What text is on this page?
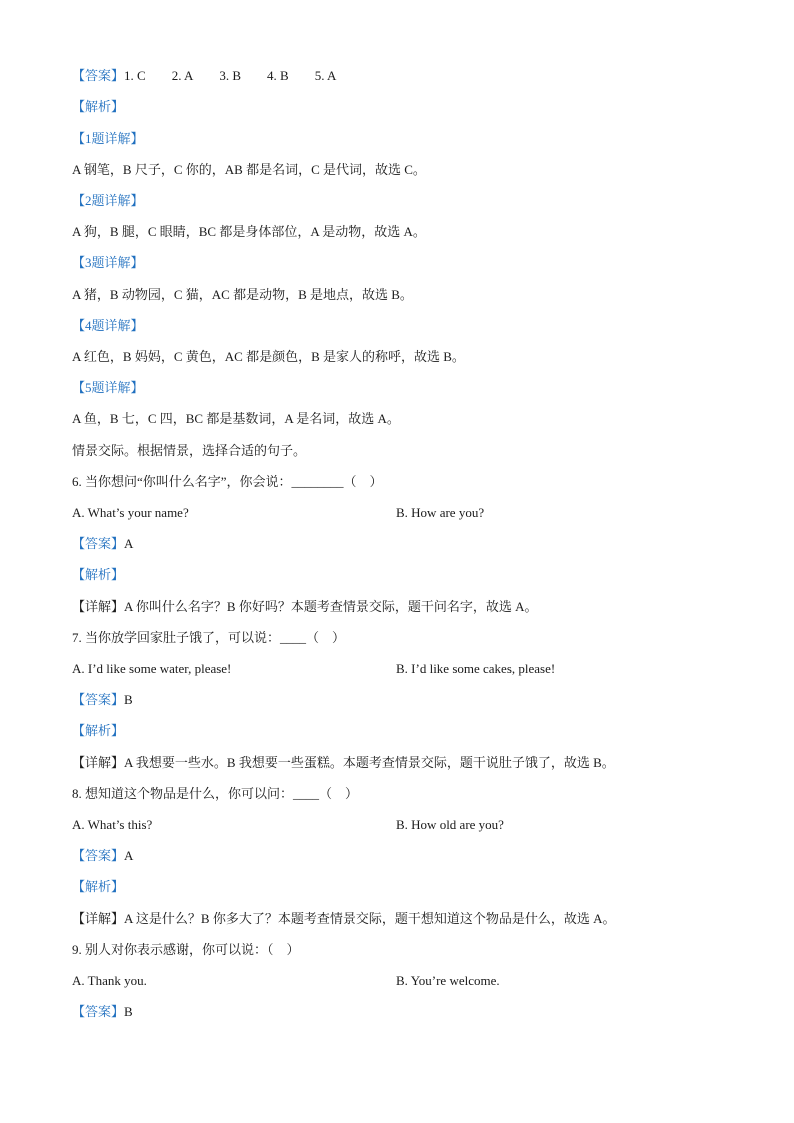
【答案】1. C 2. A 3. B 4. B 5. A
【解析】
【1题详解】
A 钢笔，B 尺子，C 你的，AB 都是名词，C 是代词，故选 C。
【2题详解】
A 狗，B 腿，C 眼睛，BC 都是身体部位，A 是动物，故选 A。
【3题详解】
A 猪，B 动物园，C 猫，AC 都是动物，B 是地点，故选 B。
【4题详解】
A 红色，B 妈妈，C 黄色，AC 都是颜色，B 是家人的称呼，故选 B。
【5题详解】
A 鱼，B 七，C 四，BC 都是基数词，A 是名词，故选 A。
情景交际。根据情景，选择合适的句子。
6. 当你想问“你叫什么名字”，你会说：________（　）
A. What’s your name?	B. How are you?
【答案】A
【解析】
【详解】A 你叫什么名字？B 你好吗？本题考查情景交际，题干问名字，故选 A。
7. 当你放学回家肚子饿了，可以说：____（　）
A. I’d like some water, please!	B. I’d like some cakes, please!
【答案】B
【解析】
【详解】A 我想要一些水。B 我想要一些蛋糕。本题考查情景交际，题干说肚子饿了，故选 B。
8. 想知道这个物品是什么，你可以问：____（　）
A. What’s this?	B. How old are you?
【答案】A
【解析】
【详解】A 这是什么？B 你多大了？本题考查情景交际，题干想知道这个物品是什么，故选 A。
9. 别人对你表示感谢，你可以说：（　）
A. Thank you.	B. You’re welcome.
【答案】B
